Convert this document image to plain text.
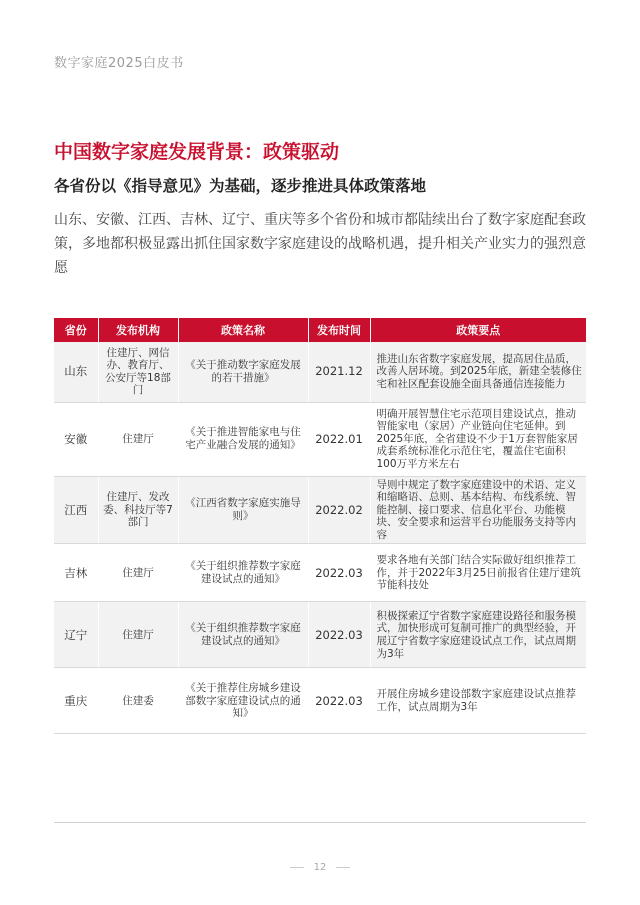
数字家庭2025白皮书
中国数字家庭发展背景：政策驱动
各省份以《指导意见》为基础，逐步推进具体政策落地
山东、安徽、江西、吉林、辽宁、重庆等多个省份和城市都陆续出台了数字家庭配套政策，多地都积极显露出抓住国家数字家庭建设的战略机遇，提升相关产业实力的强烈意愿
省份	发布机构	政策名称	发布时间	政策要点
山东	住建厅、网信办、教育厅、公安厅等18部门	《关于推动数字家庭发展的若干措施》	2021.12	推进山东省数字家庭发展，提高居住品质，改善人居环境。到2025年底，新建全装修住宅和社区配套设施全面具备通信连接能力
安徽	住建厅	《关于推进智能家电与住宅产业融合发展的通知》	2022.01	明确开展智慧住宅示范项目建设试点，推动智能家电（家居）产业链向住宅延伸。到2025年底，全省建设不少于1万套智能家居成套系统标准化示范住宅，覆盖住宅面积100万平方米左右
江西	住建厅、发改委、科技厅等7部门	《江西省数字家庭实施导则》	2022.02	导则中规定了数字家庭建设中的术语、定义和缩略语、总则、基本结构、布线系统、智能控制、接口要求、信息化平台、功能模块、安全要求和运营平台功能服务支持等内容
吉林	住建厅	《关于组织推荐数字家庭建设试点的通知》	2022.03	要求各地有关部门结合实际做好组织推荐工作，并于2022年3月25日前报省住建厅建筑节能科技处
辽宁	住建厅	《关于组织推荐数字家庭建设试点的通知》	2022.03	积极探索辽宁省数字家庭建设路径和服务模式，加快形成可复制可推广的典型经验，开展辽宁省数字家庭建设试点工作，试点周期为3年
重庆	住建委	《关于推荐住房城乡建设部数字家庭建设试点的通知》	2022.03	开展住房城乡建设部数字家庭建设试点推荐工作，试点周期为3年
12
